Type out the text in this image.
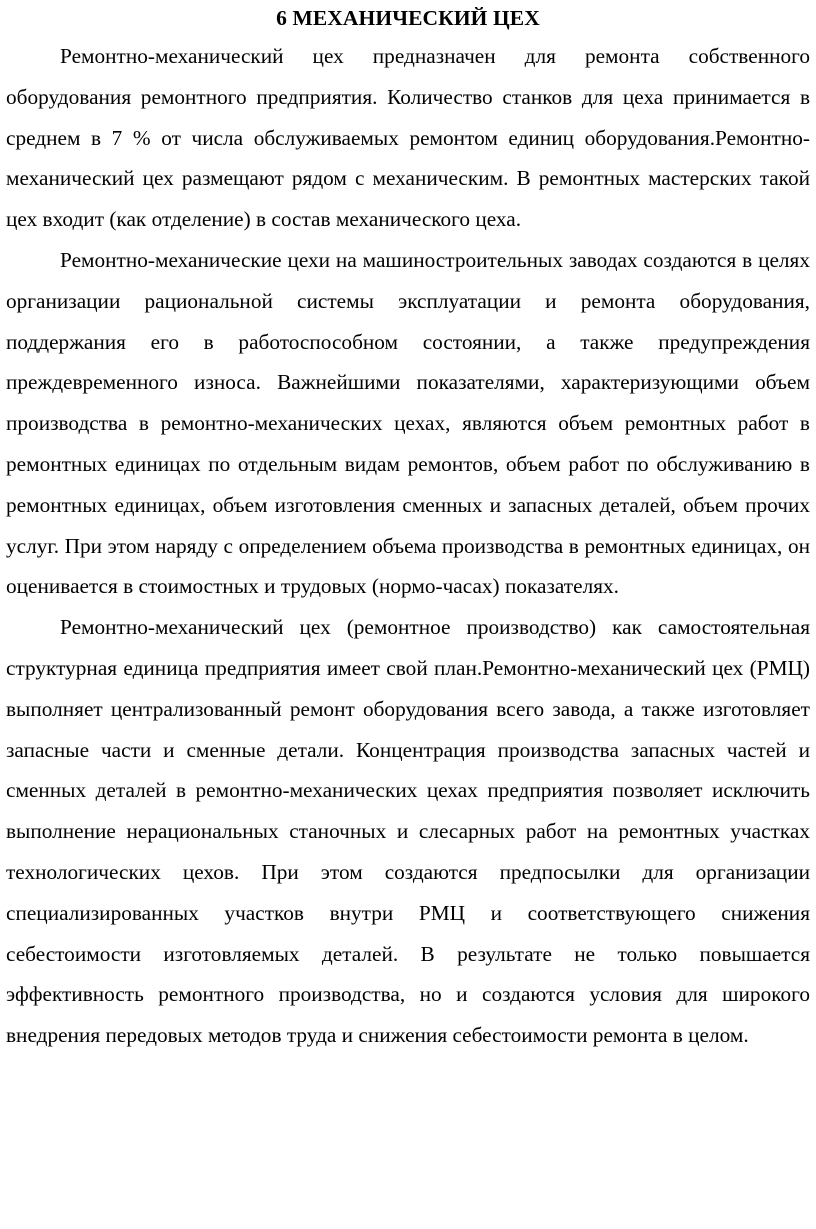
6 МЕХАНИЧЕСКИЙ ЦЕХ

Ремонтно-механический цех предназначен для ремонта собственного оборудования ремонтного предприятия. Количество станков для цеха принимается в среднем в 7 % от числа обслуживаемых ремонтом единиц оборудования.Ремонтно-механический цех размещают рядом с механическим. В ремонтных мастерских такой цех входит (как отделение) в состав механического цеха.

Ремонтно-механические цехи на машиностроительных заводах создаются в целях организации рациональной системы эксплуатации и ремонта оборудования, поддержания его в работоспособном состоянии, а также предупреждения преждевременного износа. Важнейшими показателями, характеризующими объем производства в ремонтно-механических цехах, являются объем ремонтных работ в ремонтных единицах по отдельным видам ремонтов, объем работ по обслуживанию в ремонтных единицах, объем изготовления сменных и запасных деталей, объем прочих услуг. При этом наряду с определением объема производства в ремонтных единицах, он оценивается в стоимостных и трудовых (нормо-часах) показателях.

Ремонтно-механический цех (ремонтное производство) как самостоятельная структурная единица предприятия имеет свой план.Ремонтно-механический цех (РМЦ) выполняет централизованный ремонт оборудования всего завода, а также изготовляет запасные части и сменные детали. Концентрация производства запасных частей и сменных деталей в ремонтно-механических цехах предприятия позволяет исключить выполнение нерациональных станочных и слесарных работ на ремонтных участках технологических цехов. При этом создаются предпосылки для организации специализированных участков внутри РМЦ и соответствующего снижения себестоимости изготовляемых деталей. В результате не только повышается эффективность ремонтного производства, но и создаются условия для широкого внедрения передовых методов труда и снижения себестоимости ремонта в целом.
